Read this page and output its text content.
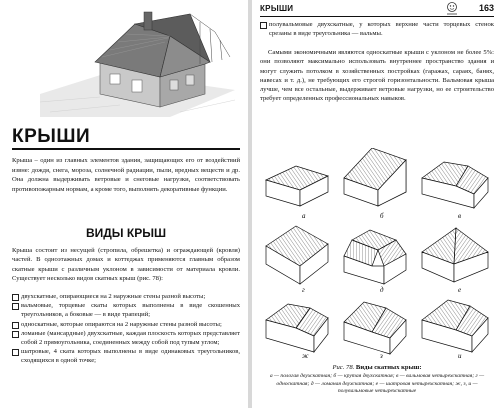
КРЫШИ

Крыша – один из главных элементов здания, защищающих его от воздействий извне: дождя, снега, мороза, солнечной радиации, пыли, вредных веществ и др. Она должна выдерживать ветровые и снеговые нагрузки, соответствовать противопожарным нормам, а кроме того, выполнять декоративные функции.

ВИДЫ КРЫШ

Крыша состоит из несущей (стропила, обрешетка) и ограждающей (кровля) частей. В одноэтажных домах и коттеджах применяются главным образом скатные крыши с различным уклоном в зависимости от материала кровли. Существует несколько видов скатных крыш (рис. 78):

двухскатные, опирающиеся на 2 наружные стены разной высоты;
вальмовые, торцевые скаты которых выполнены в виде скошенных треугольников, а боковые — в виде трапеций;
односкатные, которые опираются на 2 наружные стены разной высоты;
ломаные (мансардные) двухскатные, каждая плоскость которых представляет собой 2 прямоугольника, соединенных между собой под тупым углом;
шатровые, 4 ската которых выполнены в виде одинаковых треугольников, сходящихся в одной точке;
КРЫШИ	163
полувальмовые двухскатные, у которых верхние части торцевых стенок срезаны в виде треугольника — вальмы.

Самыми экономичными являются односкатные крыши с уклоном не более 5%: они позволяют максимально использовать внутреннее пространство здания и могут служить потолком в хозяйственных постройках (гаражах, сараях, банях, навесах и т. д.), не требующих его строгой горизонтальности. Вальмовая крыша лучше, чем все остальные, выдерживает ветровые нагрузки, но ее строительство требует определенных профессиональных навыков.

а	б	в
г	д	е
ж	з	и
Рис. 78. Виды скатных крыш:
а — пологая двухскатная; б — крутая двухскатная; в — вальмовая четырехскатная; г — односкатная; д — ломаная двухскатная; е — шатровая четырехскатная; ж, з, и — полувальмовые четырехскатные
